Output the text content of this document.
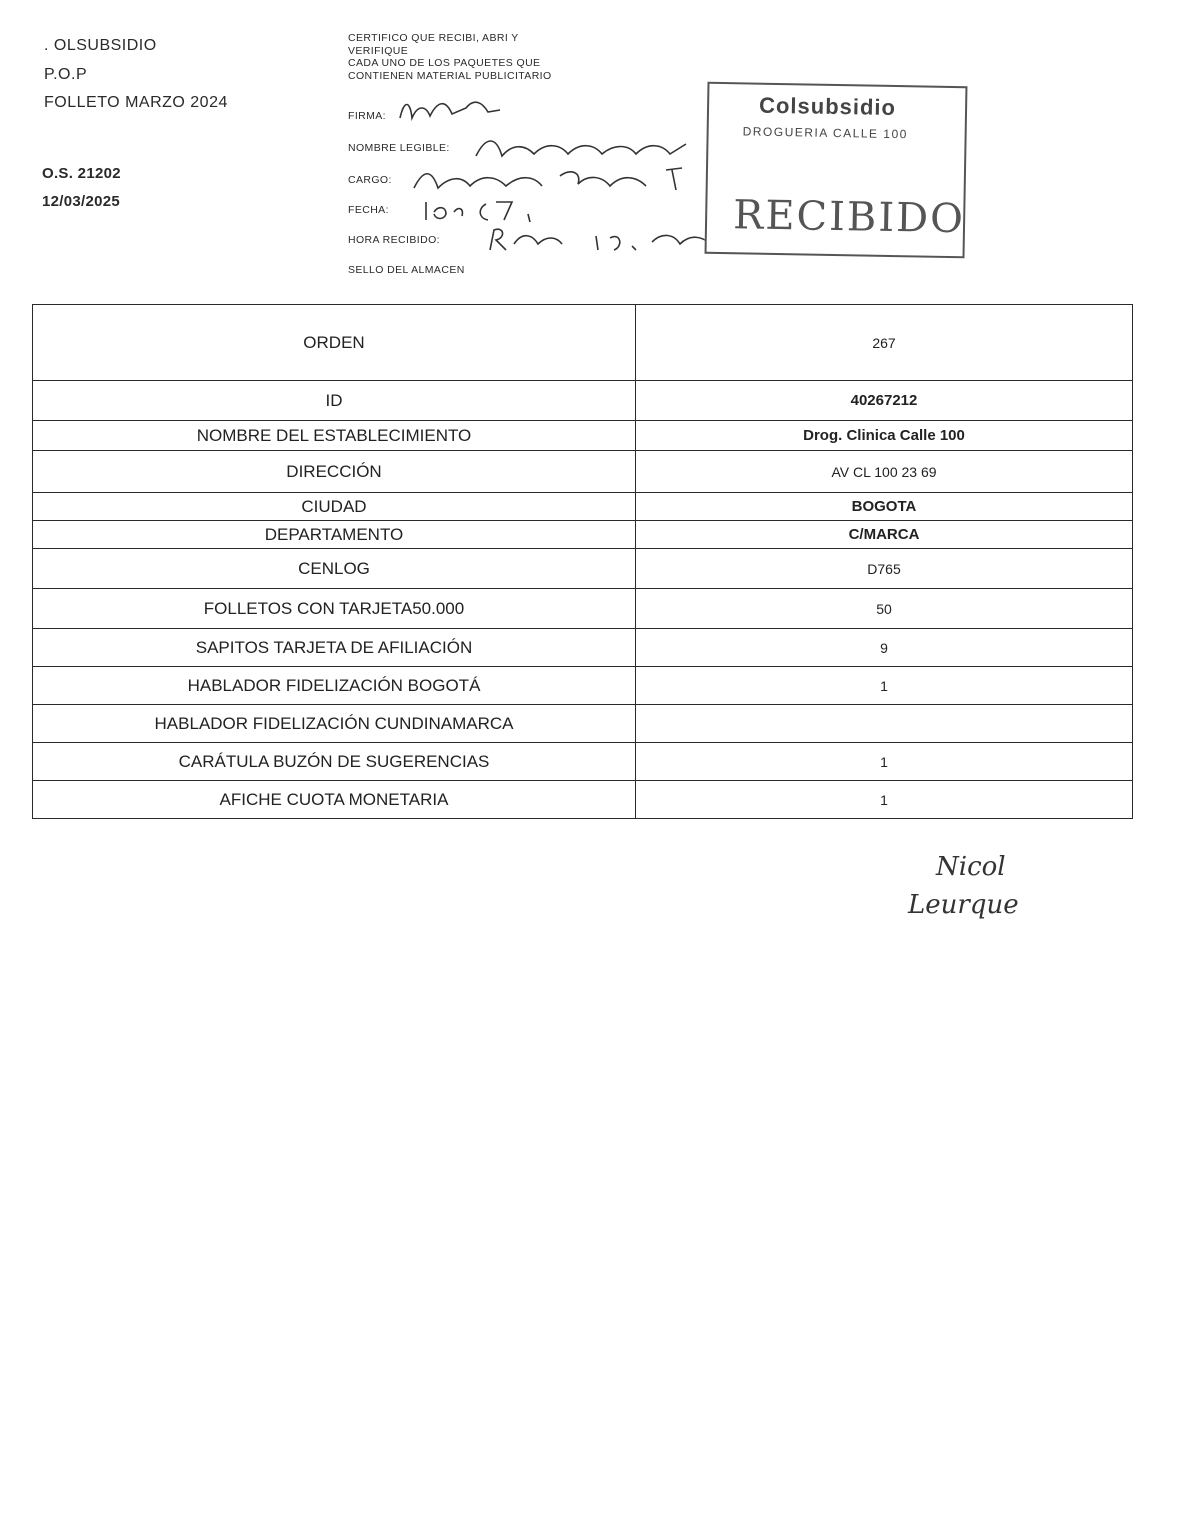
. OLSUBSIDIO
P.O.P
FOLLETO MARZO 2024
O.S. 21202
12/03/2025
CERTIFICO QUE RECIBI, ABRI Y
VERIFIQUE
CADA UNO DE LOS PAQUETES QUE
CONTIENEN MATERIAL PUBLICITARIO
FIRMA:
NOMBRE LEGIBLE:
CARGO:
FECHA:
HORA RECIBIDO:
SELLO DEL ALMACEN
Colsubsidio
DROGUERIA CALLE 100
RECIBIDO
ORDEN	267
ID	40267212
NOMBRE DEL ESTABLECIMIENTO	Drog. Clinica Calle 100
DIRECCIÓN	AV CL 100 23 69
CIUDAD	BOGOTA
DEPARTAMENTO	C/MARCA
CENLOG	D765
FOLLETOS CON TARJETA50.000	50
SAPITOS TARJETA DE AFILIACIÓN	9
HABLADOR FIDELIZACIÓN BOGOTÁ	1
HABLADOR FIDELIZACIÓN CUNDINAMARCA	
CARÁTULA BUZÓN DE SUGERENCIAS	1
AFICHE CUOTA MONETARIA	1
Nicol
Leurque
